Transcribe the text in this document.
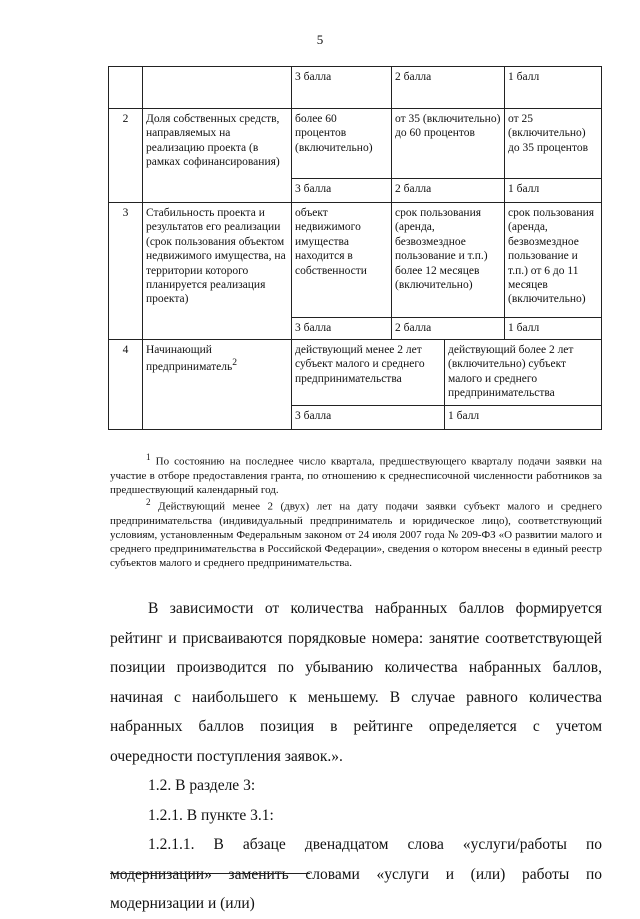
5
		3 балла	2 балла		1 балл
2	Доля собственных средств, направляемых на реализацию проекта (в рамках софинансирования)	более 60 процентов (включительно)	от 35 (включительно) до 60 процентов		от 25 (включительно) до 35 процентов
		3 балла	2 балла		1 балл
3	Стабильность проекта и результатов его реализации (срок пользования объектом недвижимого имущества, на территории которого планируется реализация проекта)	объект недвижимого имущества находится в собственности	срок пользования (аренда, безвозмездное пользование и т.п.) более 12 месяцев (включительно)		срок пользования (аренда, безвозмездное пользование и т.п.) от 6 до 11 месяцев (включительно)
		3 балла	2 балла		1 балл
4	Начинающий предприниматель$^2$	действующий менее 2 лет субъект малого и среднего предпринимательства		действующий более 2 лет (включительно) субъект малого и среднего предпринимательства	
		3 балла		1 балл	

$^1$ По состоянию на последнее число квартала, предшествующего кварталу подачи заявки на участие в отборе предоставления гранта, по отношению к среднесписочной численности работников за предшествующий календарный год.

$^2$ Действующий менее 2 (двух) лет на дату подачи заявки субъект малого и среднего предпринимательства (индивидуальный предприниматель и юридическое лицо), соответствующий условиям, установленным Федеральным законом от 24 июля 2007 года № 209-ФЗ «О развитии малого и среднего предпринимательства в Российской Федерации», сведения о котором внесены в единый реестр субъектов малого и среднего предпринимательства.

В зависимости от количества набранных баллов формируется рейтинг и присваиваются порядковые номера: занятие соответствующей позиции производится по убыванию количества набранных баллов, начиная с наибольшего к меньшему. В случае равного количества набранных баллов позиция в рейтинге определяется с учетом очередности поступления заявок.».

1.2. В разделе 3:

1.2.1. В пункте 3.1:

1.2.1.1. В абзаце двенадцатом слова «услуги/работы по модернизации» заменить словами «услуги и (или) работы по модернизации и (или)
